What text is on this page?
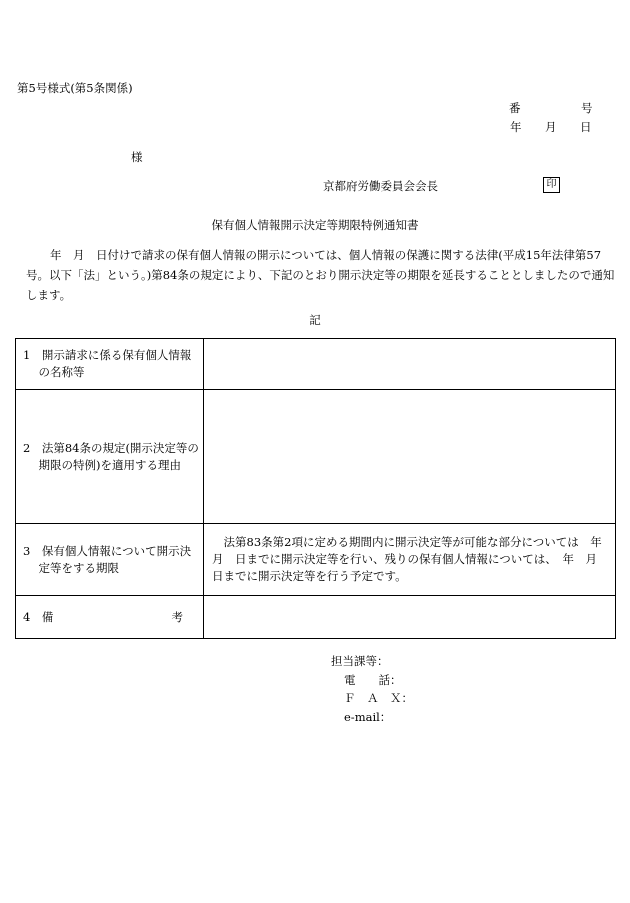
第5号様式(第5条関係)
番	号
年 月 日
様
京都府労働委員会会長	印
保有個人情報開示決定等期限特例通知書
年　月　日付けで請求の保有個人情報の開示については、個人情報の保護に関する法律(平成15年法律第57号。以下「法」という。)第84条の規定により、下記のとおり開示決定等の期限を延長することとしましたので通知します。
記
1　開示請求に係る保有個人情報の名称等	

2　法第84条の規定(開示決定等の期限の特例)を適用する理由	

3　保有個人情報について開示決定等をする期限	法第83条第2項に定める期間内に開示決定等が可能な部分については　年　月　日までに開示決定等を行い、残りの保有個人情報については、　年　月　日までに開示決定等を行う予定です。

4　備 考	

担当課等：
電　　話：
Ｆ　Ａ　Ｘ：
e-mail：
